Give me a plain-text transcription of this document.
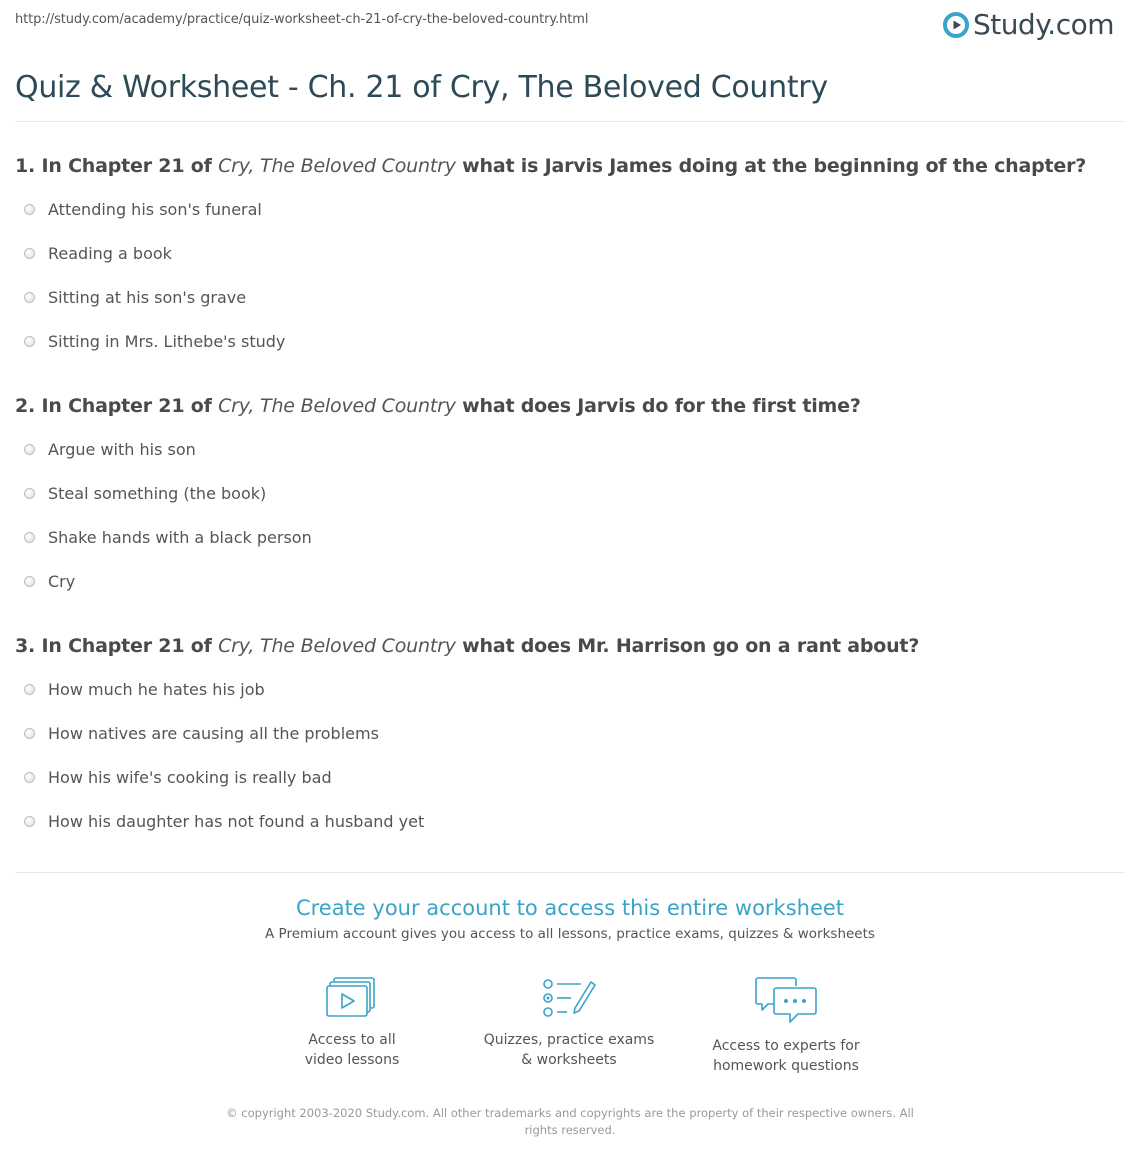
http://study.com/academy/practice/quiz-worksheet-ch-21-of-cry-the-beloved-country.html	Study.com
Quiz & Worksheet - Ch. 21 of Cry, The Beloved Country
1. In Chapter 21 of Cry, The Beloved Country what is Jarvis James doing at the beginning of the chapter?
Attending his son's funeral
Reading a book
Sitting at his son's grave
Sitting in Mrs. Lithebe's study
2. In Chapter 21 of Cry, The Beloved Country what does Jarvis do for the first time?
Argue with his son
Steal something (the book)
Shake hands with a black person
Cry
3. In Chapter 21 of Cry, The Beloved Country what does Mr. Harrison go on a rant about?
How much he hates his job
How natives are causing all the problems
How his wife's cooking is really bad
How his daughter has not found a husband yet
Create your account to access this entire worksheet
A Premium account gives you access to all lessons, practice exams, quizzes & worksheets
Access to all
video lessons
Quizzes, practice exams
& worksheets
Access to experts for
homework questions
© copyright 2003-2020 Study.com. All other trademarks and copyrights are the property of their respective owners. All rights reserved.
